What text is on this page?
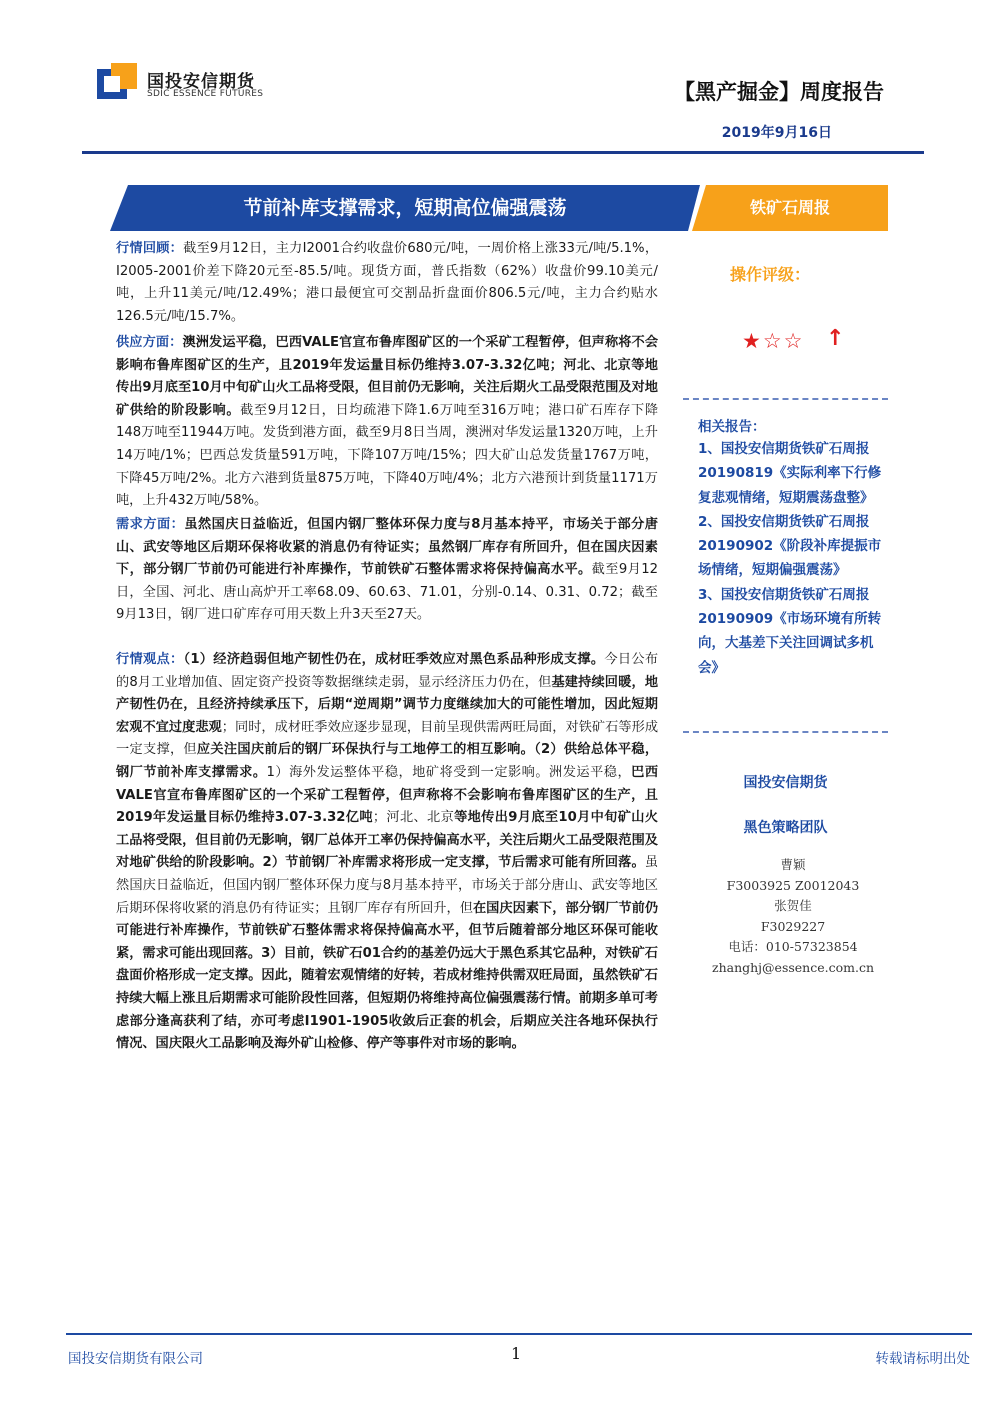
国投安信期货
SDIC ESSENCE FUTURES	【黑产掘金】周度报告
2019年9月16日
节前补库支撑需求，短期高位偏强震荡	铁矿石周报

行情回顾：截至9月12日，主力I2001合约收盘价680元/吨，一周价格上涨33元/吨/5.1%，I2005-2001价差下降20元至-85.5/吨。现货方面，普氏指数（62%）收盘价99.10美元/吨，上升11美元/吨/12.49%；港口最便宜可交割品折盘面价806.5元/吨，主力合约贴水126.5元/吨/15.7%。

供应方面：澳洲发运平稳，巴西VALE官宣布鲁库图矿区的一个采矿工程暂停，但声称将不会影响布鲁库图矿区的生产，且2019年发运量目标仍维持3.07-3.32亿吨；河北、北京等地传出9月底至10月中旬矿山火工品将受限，但目前仍无影响，关注后期火工品受限范围及对地矿供给的阶段影响。截至9月12日，日均疏港下降1.6万吨至316万吨；港口矿石库存下降148万吨至11944万吨。发货到港方面，截至9月8日当周，澳洲对华发运量1320万吨，上升14万吨/1%；巴西总发货量591万吨，下降107万吨/15%；四大矿山总发货量1767万吨，下降45万吨/2%。北方六港到货量875万吨，下降40万吨/4%；北方六港预计到货量1171万吨，上升432万吨/58%。

需求方面：虽然国庆日益临近，但国内钢厂整体环保力度与8月基本持平，市场关于部分唐山、武安等地区后期环保将收紧的消息仍有待证实；虽然钢厂库存有所回升，但在国庆因素下，部分钢厂节前仍可能进行补库操作，节前铁矿石整体需求将保持偏高水平。截至9月12日，全国、河北、唐山高炉开工率68.09、60.63、71.01，分别-0.14、0.31、0.72；截至9月13日，钢厂进口矿库存可用天数上升3天至27天。

行情观点：（1）经济趋弱但地产韧性仍在，成材旺季效应对黑色系品种形成支撑。今日公布的8月工业增加值、固定资产投资等数据继续走弱，显示经济压力仍在，但基建持续回暖，地产韧性仍在，且经济持续承压下，后期“逆周期”调节力度继续加大的可能性增加，因此短期宏观不宜过度悲观；同时，成材旺季效应逐步显现，目前呈现供需两旺局面，对铁矿石等形成一定支撑，但应关注国庆前后的钢厂环保执行与工地停工的相互影响。（2）供给总体平稳，钢厂节前补库支撑需求。1）海外发运整体平稳，地矿将受到一定影响。洲发运平稳，巴西VALE官宣布鲁库图矿区的一个采矿工程暂停，但声称将不会影响布鲁库图矿区的生产，且2019年发运量目标仍维持3.07-3.32亿吨；河北、北京等地传出9月底至10月中旬矿山火工品将受限，但目前仍无影响，钢厂总体开工率仍保持偏高水平，关注后期火工品受限范围及对地矿供给的阶段影响。2）节前钢厂补库需求将形成一定支撑，节后需求可能有所回落。虽然国庆日益临近，但国内钢厂整体环保力度与8月基本持平，市场关于部分唐山、武安等地区后期环保将收紧的消息仍有待证实；且钢厂库存有所回升，但在国庆因素下，部分钢厂节前仍可能进行补库操作，节前铁矿石整体需求将保持偏高水平，但节后随着部分地区环保可能收紧，需求可能出现回落。3）目前，铁矿石01合约的基差仍远大于黑色系其它品种，对铁矿石盘面价格形成一定支撑。因此，随着宏观情绪的好转，若成材维持供需双旺局面，虽然铁矿石持续大幅上涨且后期需求可能阶段性回落，但短期仍将维持高位偏强震荡行情。前期多单可考虑部分逢高获利了结，亦可考虑I1901-1905收敛后正套的机会，后期应关注各地环保执行情况、国庆限火工品影响及海外矿山检修、停产等事件对市场的影响。

操作评级：
★☆☆ ↑
相关报告：
1、国投安信期货铁矿石周报20190819《实际利率下行修复悲观情绪，短期震荡盘整》
2、国投安信期货铁矿石周报20190902《阶段补库提振市场情绪，短期偏强震荡》
3、国投安信期货铁矿石周报20190909《市场环境有所转向，大基差下关注回调试多机会》
国投安信期货
黑色策略团队
曹颖
F3003925 Z0012043
张贺佳
F3029227
电话：010-57323854
zhanghj@essence.com.cn
国投安信期货有限公司	1	转载请标明出处
